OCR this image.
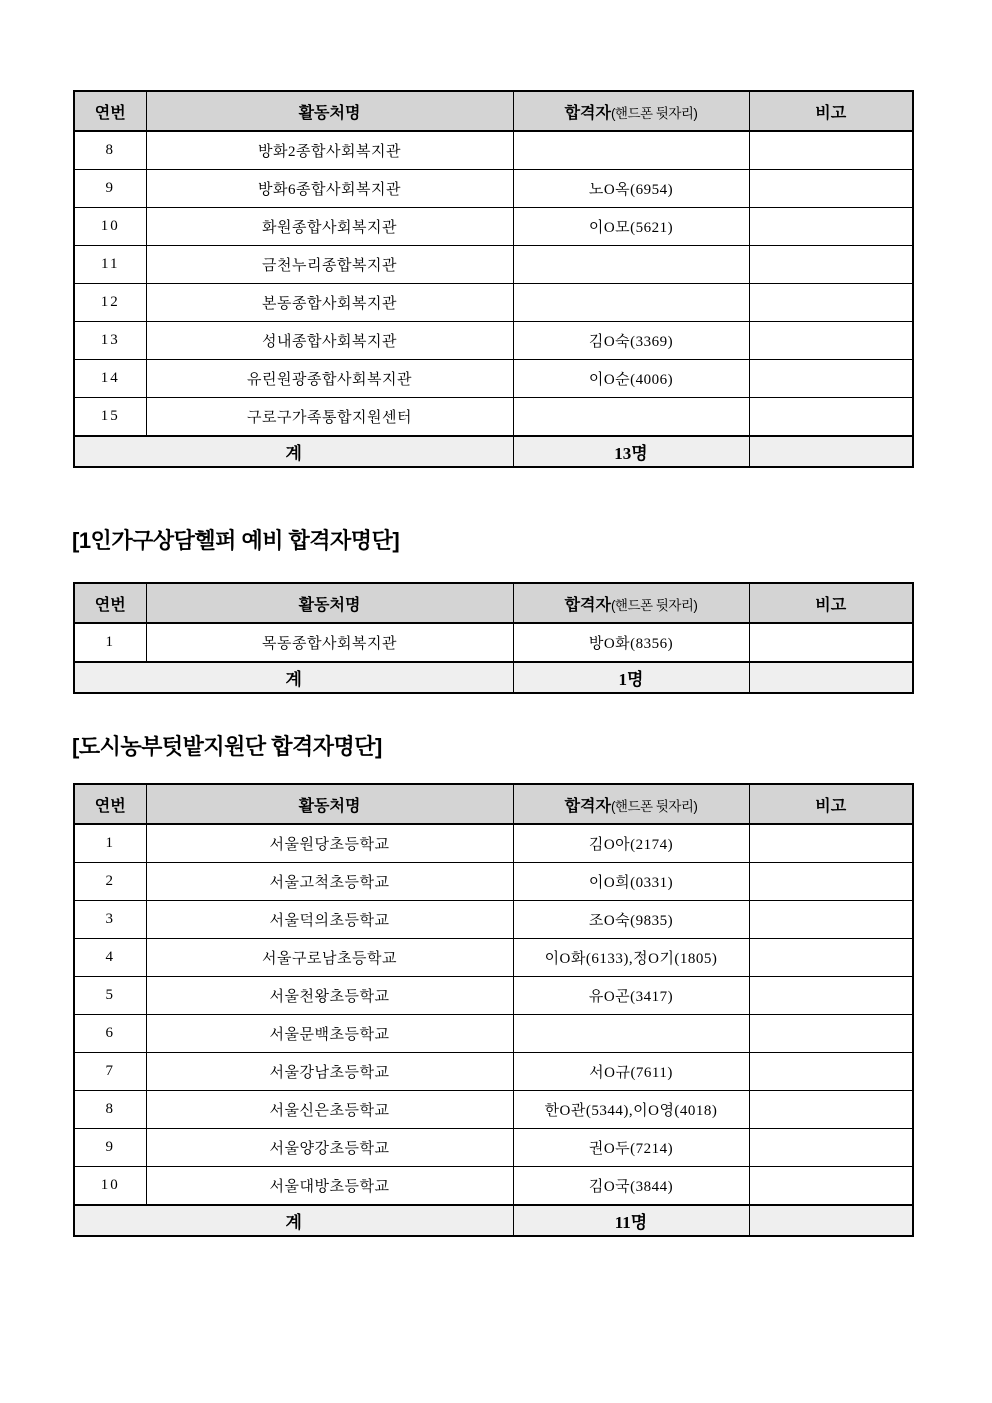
연번	활동처명	합격자(핸드폰 뒷자리)	비고
8	방화2종합사회복지관		
9	방화6종합사회복지관	노O옥(6954)	
10	화원종합사회복지관	이O모(5621)	
11	금천누리종합복지관		
12	본동종합사회복지관		
13	성내종합사회복지관	김O숙(3369)	
14	유린원광종합사회복지관	이O순(4006)	
15	구로구가족통합지원센터		
계		13명	
[1인가구상담헬퍼 예비 합격자명단]
연번	활동처명	합격자(핸드폰 뒷자리)	비고
1	목동종합사회복지관	방O화(8356)	
계		1명	
[도시농부텃밭지원단 합격자명단]
연번	활동처명	합격자(핸드폰 뒷자리)	비고
1	서울원당초등학교	김O아(2174)	
2	서울고척초등학교	이O희(0331)	
3	서울덕의초등학교	조O숙(9835)	
4	서울구로남초등학교	이O화(6133),정O기(1805)	
5	서울천왕초등학교	유O곤(3417)	
6	서울문백초등학교		
7	서울강남초등학교	서O규(7611)	
8	서울신은초등학교	한O관(5344),이O영(4018)	
9	서울양강초등학교	권O두(7214)	
10	서울대방초등학교	김O국(3844)	
계		11명	
